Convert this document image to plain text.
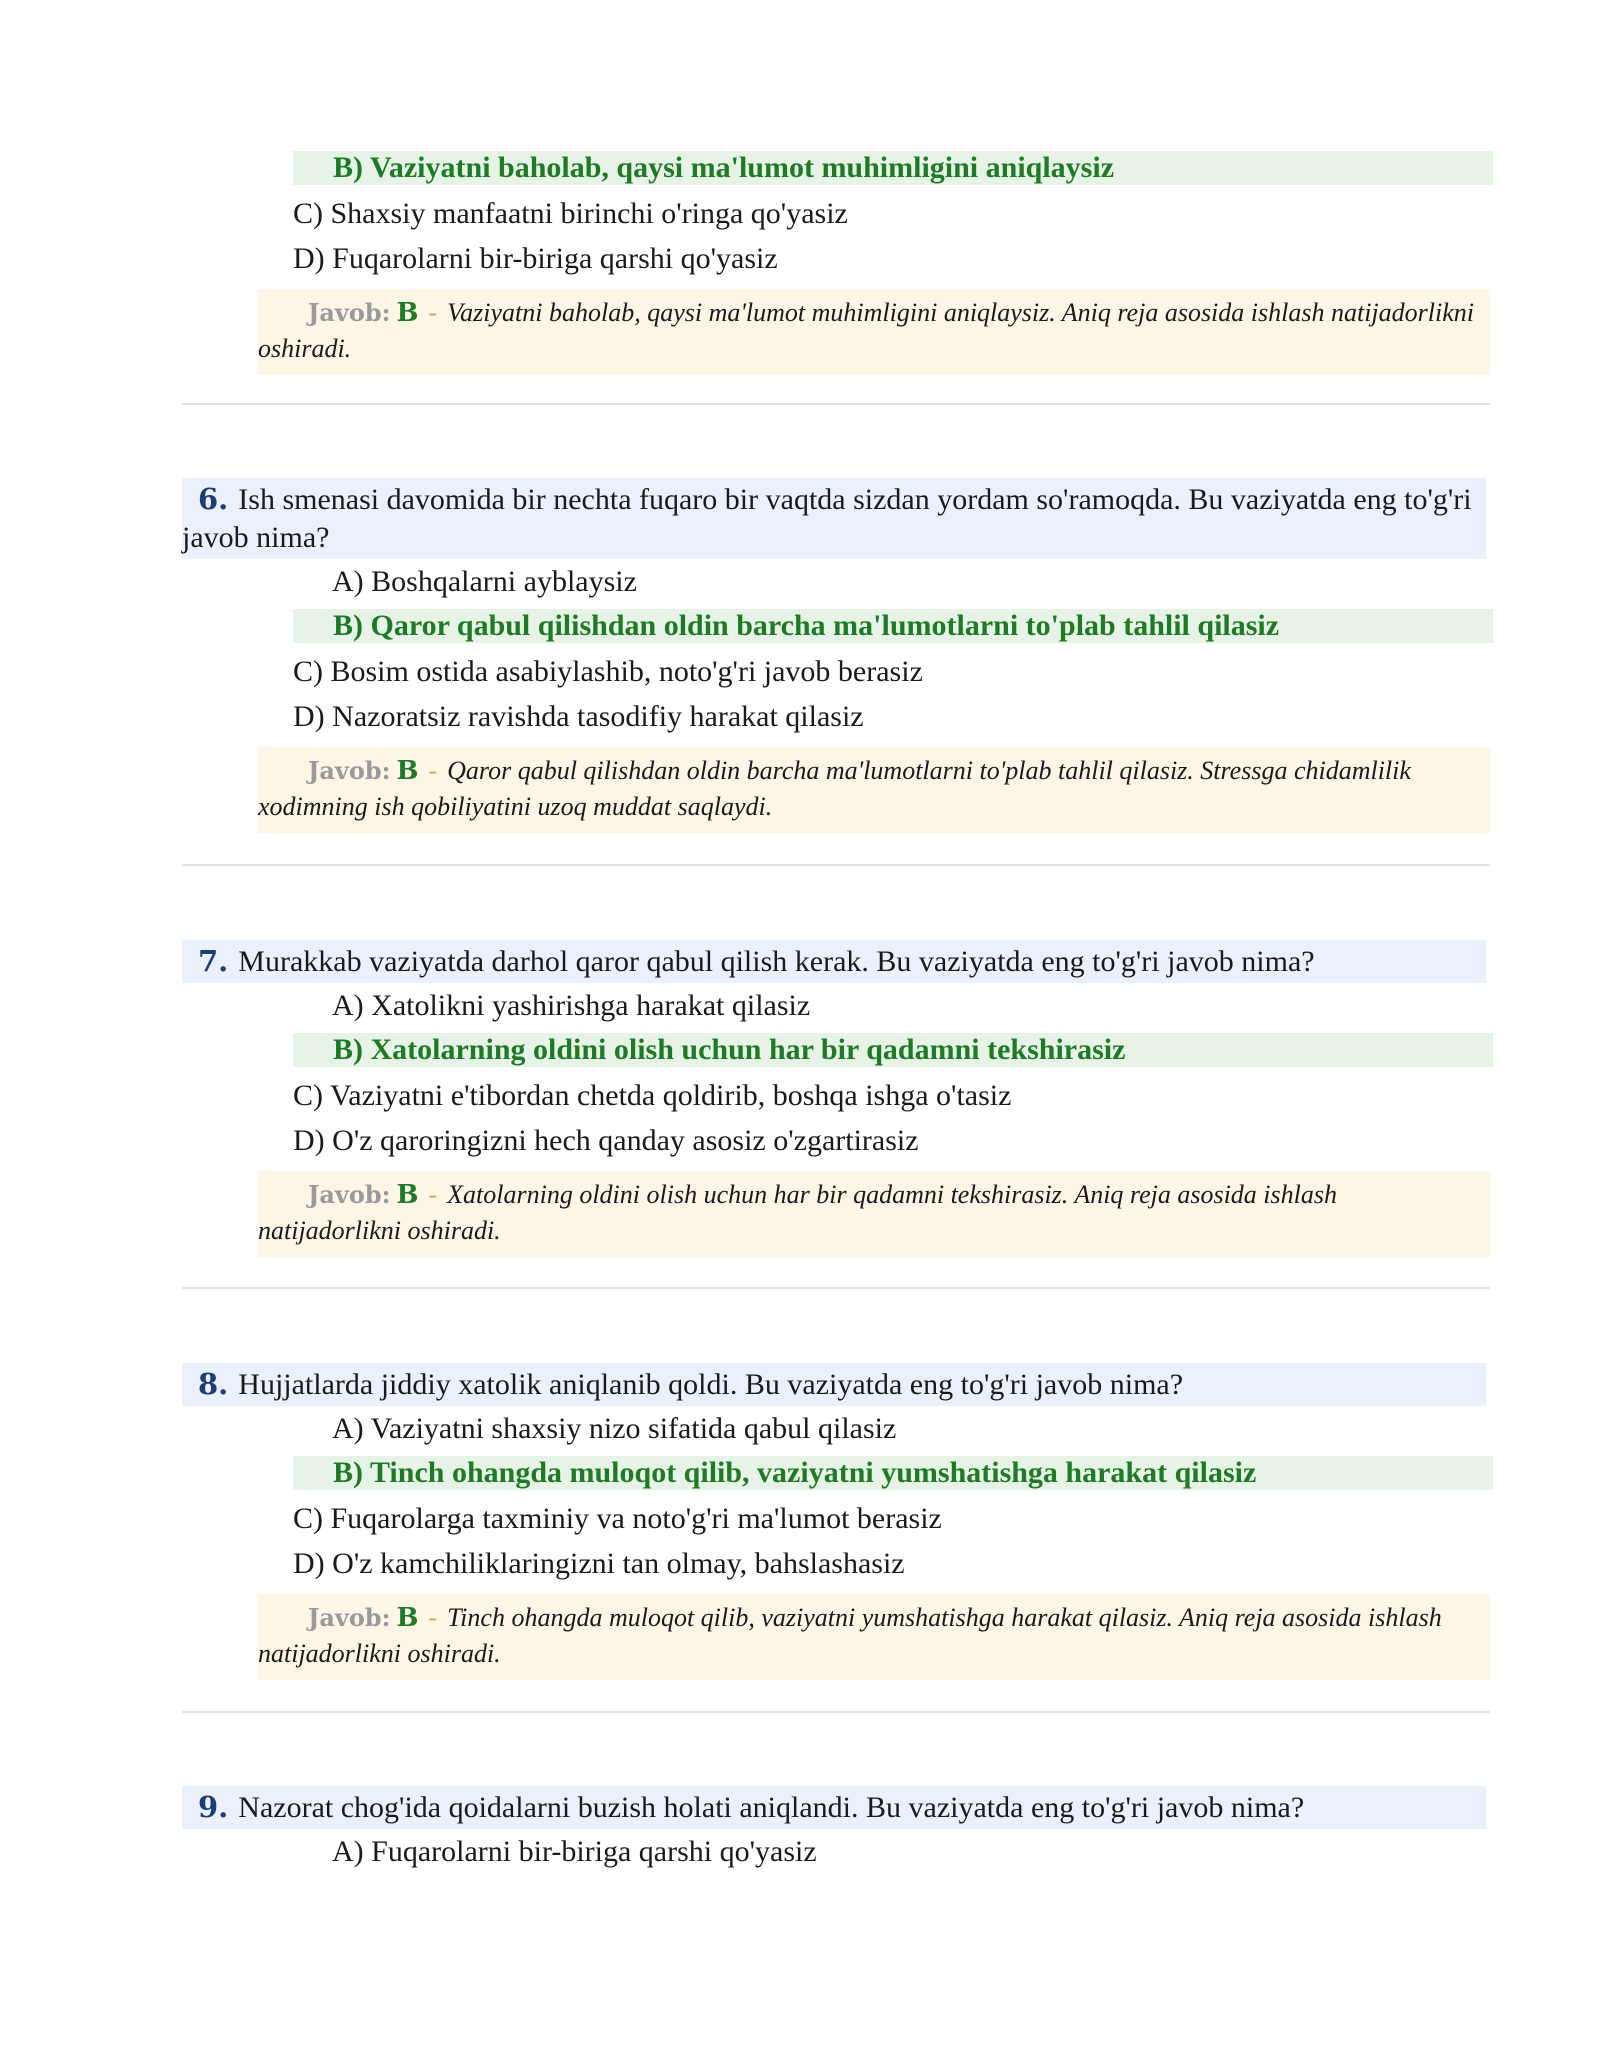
B) Vaziyatni baholab, qaysi ma'lumot muhimligini aniqlaysiz
C) Shaxsiy manfaatni birinchi o'ringa qo'yasiz
D) Fuqarolarni bir-biriga qarshi qo'yasiz
Javob: B - Vaziyatni baholab, qaysi ma'lumot muhimligini aniqlaysiz. Aniq reja asosida ishlash natijadorlikni oshiradi.
6. Ish smenasi davomida bir nechta fuqaro bir vaqtda sizdan yordam so'ramoqda. Bu vaziyatda eng to'g'ri javob nima?
A) Boshqalarni ayblaysiz
B) Qaror qabul qilishdan oldin barcha ma'lumotlarni to'plab tahlil qilasiz
C) Bosim ostida asabiylashib, noto'g'ri javob berasiz
D) Nazoratsiz ravishda tasodifiy harakat qilasiz
Javob: B - Qaror qabul qilishdan oldin barcha ma'lumotlarni to'plab tahlil qilasiz. Stressga chidamlilik xodimning ish qobiliyatini uzoq muddat saqlaydi.
7. Murakkab vaziyatda darhol qaror qabul qilish kerak. Bu vaziyatda eng to'g'ri javob nima?
A) Xatolikni yashirishga harakat qilasiz
B) Xatolarning oldini olish uchun har bir qadamni tekshirasiz
C) Vaziyatni e'tibordan chetda qoldirib, boshqa ishga o'tasiz
D) O'z qaroringizni hech qanday asosiz o'zgartirasiz
Javob: B - Xatolarning oldini olish uchun har bir qadamni tekshirasiz. Aniq reja asosida ishlash natijadorlikni oshiradi.
8. Hujjatlarda jiddiy xatolik aniqlanib qoldi. Bu vaziyatda eng to'g'ri javob nima?
A) Vaziyatni shaxsiy nizo sifatida qabul qilasiz
B) Tinch ohangda muloqot qilib, vaziyatni yumshatishga harakat qilasiz
C) Fuqarolarga taxminiy va noto'g'ri ma'lumot berasiz
D) O'z kamchiliklaringizni tan olmay, bahslashasiz
Javob: B - Tinch ohangda muloqot qilib, vaziyatni yumshatishga harakat qilasiz. Aniq reja asosida ishlash natijadorlikni oshiradi.
9. Nazorat chog'ida qoidalarni buzish holati aniqlandi. Bu vaziyatda eng to'g'ri javob nima?
A) Fuqarolarni bir-biriga qarshi qo'yasiz
